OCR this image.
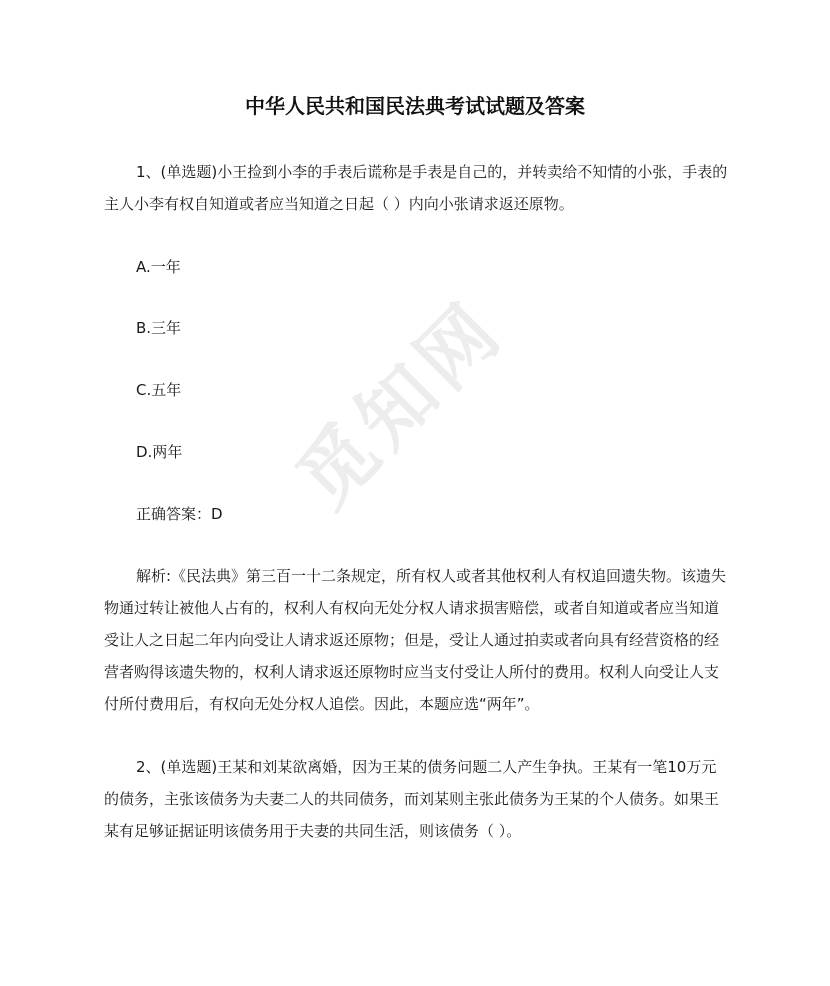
觅知网
中华人民共和国民法典考试试题及答案

1、(单选题)小王捡到小李的手表后谎称是手表是自己的，并转卖给不知情的小张，手表的主人小李有权自知道或者应当知道之日起（ ）内向小张请求返还原物。

A.一年

B.三年

C.五年

D.两年

正确答案：D

解析:《民法典》第三百一十二条规定，所有权人或者其他权利人有权追回遗失物。该遗失物通过转让被他人占有的，权利人有权向无处分权人请求损害赔偿，或者自知道或者应当知道受让人之日起二年内向受让人请求返还原物；但是，受让人通过拍卖或者向具有经营资格的经营者购得该遗失物的，权利人请求返还原物时应当支付受让人所付的费用。权利人向受让人支付所付费用后，有权向无处分权人追偿。因此，本题应选“两年”。

2、(单选题)王某和刘某欲离婚，因为王某的债务问题二人产生争执。王某有一笔10万元的债务，主张该债务为夫妻二人的共同债务，而刘某则主张此债务为王某的个人债务。如果王某有足够证据证明该债务用于夫妻的共同生活，则该债务（ ）。
